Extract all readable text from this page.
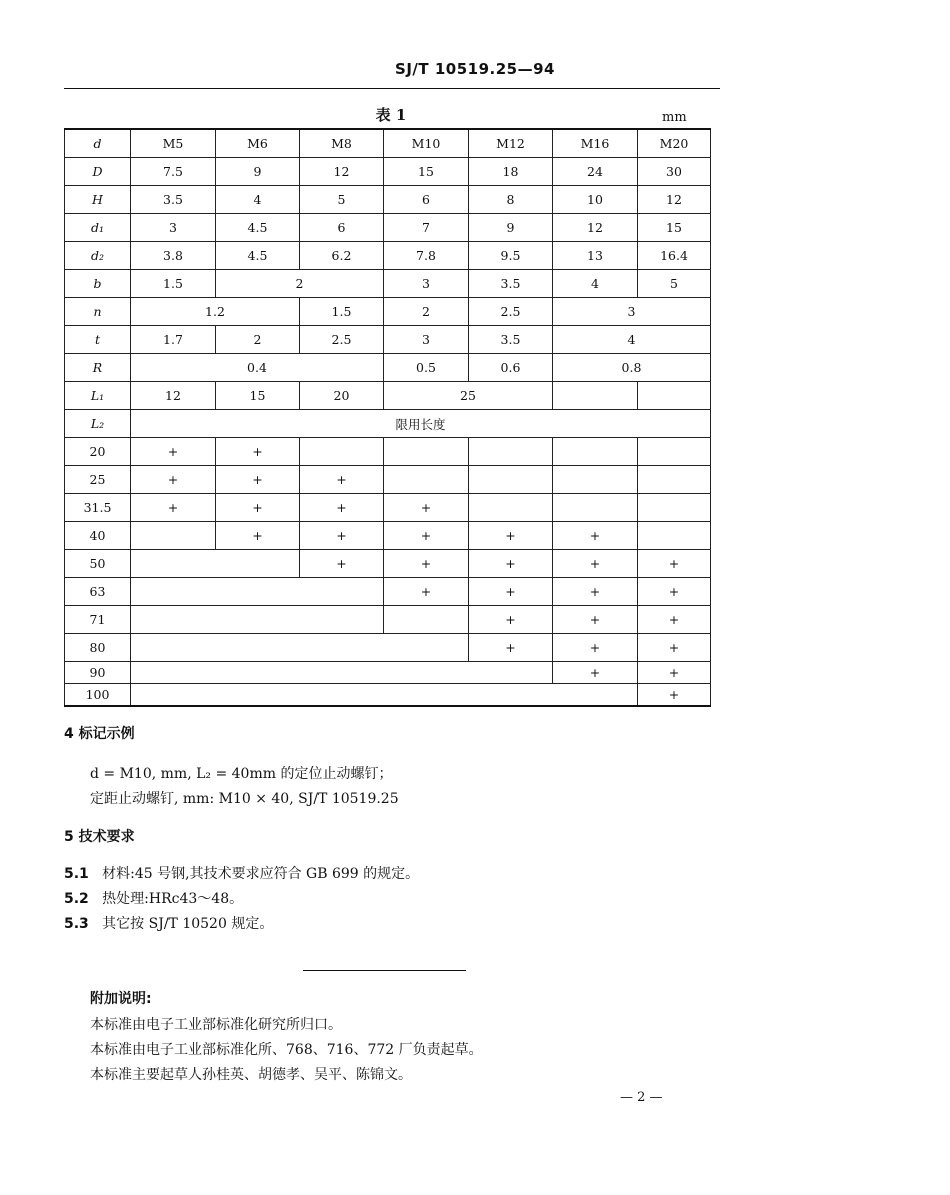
SJ/T 10519.25—94
表 1	mm
d	M5	M6	M8	M10	M12	M16	M20
D	7.5	9	12	15	18	24	30
H	3.5	4	5	6	8	10	12
d₁	3	4.5	6	7	9	12	15
d₂	3.8	4.5	6.2	7.8	9.5	13	16.4
b	1.5	2		3	3.5	4	5
n	1.2		1.5	2	2.5	3	
t	1.7	2	2.5	3	3.5	4	
R	0.4			0.5	0.6	0.8	
L₁	12	15	20	25			
L₂	限用长度						
20	+	+					
25	+	+	+				
31.5	+	+	+	+			
40		+	+	+	+	+	
50			+	+	+	+	+
63				+	+	+	+
71					+	+	+
80					+	+	+
90						+	+
100							+
4 标记示例
d = M10, mm, L₂ = 40mm 的定位止动螺钉；
定距止动螺钉, mm: M10 × 40, SJ/T 10519.25
5 技术要求
5.1 材料:45 号钢,其技术要求应符合 GB 699 的规定。
5.2 热处理:HRc43～48。
5.3 其它按 SJ/T 10520 规定。
附加说明:
本标准由电子工业部标准化研究所归口。
本标准由电子工业部标准化所、768、716、772 厂负责起草。
本标准主要起草人孙桂英、胡德孝、吴平、陈锦文。
— 2 —
